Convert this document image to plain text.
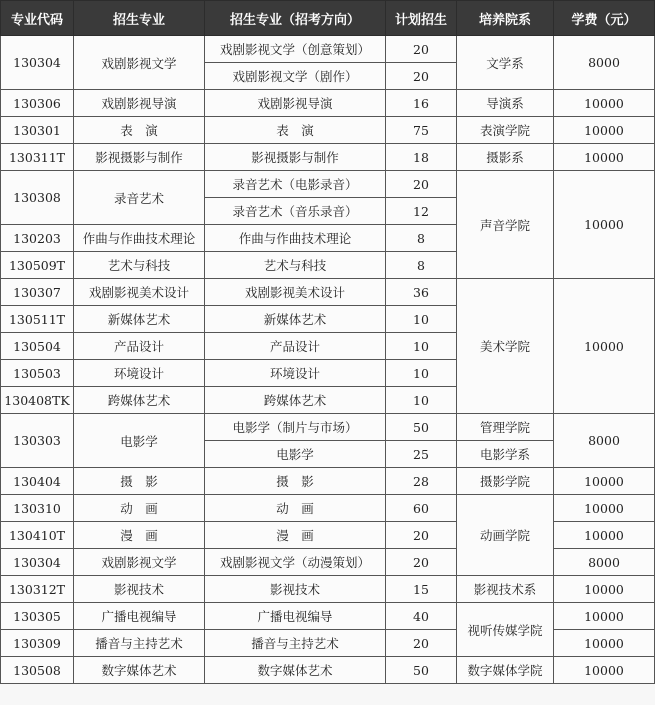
专业代码	招生专业	招生专业（招考方向）	计划招生	培养院系	学费（元）
130304	戏剧影视文学	戏剧影视文学（创意策划）	20	文学系	8000
		戏剧影视文学（剧作）	20		
130306	戏剧影视导演	戏剧影视导演	16	导演系	10000
130301	表　演	表　演	75	表演学院	10000
130311T	影视摄影与制作	影视摄影与制作	18	摄影系	10000
130308	录音艺术	录音艺术（电影录音）	20	声音学院	10000
		录音艺术（音乐录音）	12		
130203	作曲与作曲技术理论	作曲与作曲技术理论	8		
130509T	艺术与科技	艺术与科技	8		
130307	戏剧影视美术设计	戏剧影视美术设计	36	美术学院	10000
130511T	新媒体艺术	新媒体艺术	10		
130504	产品设计	产品设计	10		
130503	环境设计	环境设计	10		
130408TK	跨媒体艺术	跨媒体艺术	10		
130303	电影学	电影学（制片与市场）	50	管理学院	8000
		电影学	25	电影学系	
130404	摄　影	摄　影	28	摄影学院	10000
130310	动　画	动　画	60	动画学院	10000
130410T	漫　画	漫　画	20		10000
130304	戏剧影视文学	戏剧影视文学（动漫策划）	20		8000
130312T	影视技术	影视技术	15	影视技术系	10000
130305	广播电视编导	广播电视编导	40	视听传媒学院	10000
130309	播音与主持艺术	播音与主持艺术	20		10000
130508	数字媒体艺术	数字媒体艺术	50	数字媒体学院	10000
